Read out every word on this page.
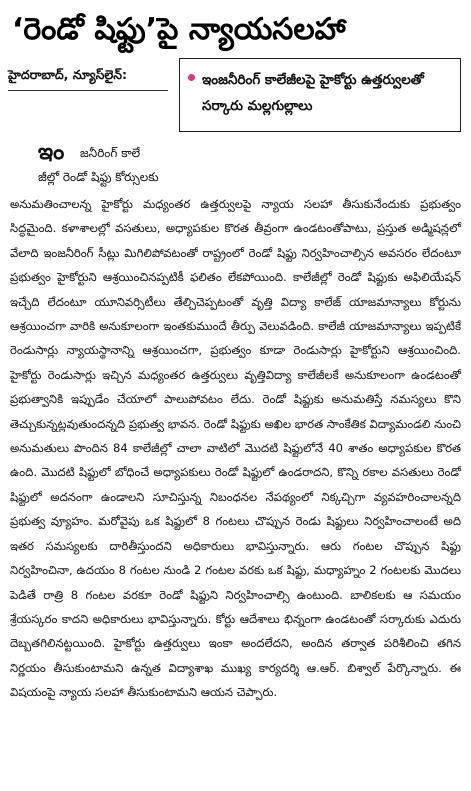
‘రెండో షిఫ్టు’పై న్యాయసలహా
హైదరాబాద్, న్యూస్‌లైన్:	ఇంజనీరింగ్ కాలేజీలపై హైకోర్టు ఉత్తర్వులతో సర్కారు మల్లగుల్లాలు
ఇం జనీరింగ్ కాలే
జీల్లో రెండో షిఫ్టు కోర్సులకు

అనుమతించాలన్న హైకోర్టు మధ్యంతర ఉత్తర్వులపై న్యాయ సలహా తీసుకునేందుకు ప్రభుత్వం సిద్ధమైంది. కళాశాలల్లో వసతులు, అధ్యాపకుల కొరత తీవ్రంగా ఉండటంతోపాటు, ప్రస్తుత అడ్మిషన్లలో వేలాది ఇంజనీరింగ్ సీట్లు మిగిలిపోవటంతో రాష్ట్రంలో రెండో షిఫ్టు నిర్వహించాల్సిన అవసరం లేదంటూ ప్రభుత్వం హైకోర్టుని ఆశ్రయించినప్పటికీ ఫలితం లేకపోయింది. కాలేజీల్లో రెండో షిఫ్టుకు అఫిలియేషన్ ఇచ్చేది లేదంటూ యూనివర్సిటీలు తేల్చిచెప్పటంతో వృత్తి విద్యా కాలేజ్ యాజమాన్యాలు కోర్టును ఆశ్రయించగా వారికి అనుకూలంగా ఇంతకుముందే తీర్పు వెలువడింది. కాలేజీ యాజమాన్యాలు ఇప్పటికే రెండుసార్లు న్యాయస్థానాన్ని ఆశ్రయించగా, ప్రభుత్వం కూడా రెండుసార్లు హైకోర్టుని ఆశ్రయించింది. హైకోర్టు రెండుసార్లు ఇచ్చిన మధ్యంతర ఉత్తర్వులు వృత్తివిద్యా కాలేజీలకే అనుకూలంగా ఉండటంతో ప్రభుత్వానికి ఇప్పుడేం చేయాలో పాలుపోవటం లేదు. రెండో షిఫ్టుకు అనుమతిస్తే నమస్యలు కొని తెచ్చుకున్నట్లవుతుందన్నది ప్రభుత్వ భావన. రెండో షిఫ్టుకు అఖిల భారత సాంకేతిక విద్యామండలి నుంచి అనుమతులు పొందిన 84 కాలేజీల్లో చాలా వాటిలో మొదటి షిఫ్టులోనే 40 శాతం అధ్యాపకుల కొరత ఉంది. మొదటి షిఫ్టులో బోధించే అధ్యాపకులు రెండో షిఫ్టులో ఉండరాదని, కొన్ని రకాల వసతులు రెండో షిఫ్టులో అదనంగా ఉండాలని సూచిస్తున్న నిబంధనల నేపథ్యంలో నిక్కచ్చిగా వ్యవహరించాలన్నది ప్రభుత్వ వ్యూహం. మరోవైపు ఒక షిఫ్టులో 8 గంటలు చొప్పున రెండు షిఫ్టులు నిర్వహించాలంటే అది ఇతర సమస్యలకు దారితీస్తుందని అధికారులు భావిస్తున్నారు. ఆరు గంటల చొప్పున షిఫ్టు నిర్వహించినా, ఉదయం 8 గంటల నుండి 2 గంటల వరకు ఒక షిఫ్టు, మధ్యాహ్నం 2 గంటలకు మొదలు పెడితే రాత్రి 8 గంటల వరకూ రెండో షిఫ్టుని నిర్వహించాల్సి ఉంటుంది. బాలికలకు ఆ సమయం శ్రేయస్కరం కాదని అధికారులు భావిస్తున్నారు. కోర్టు ఆదేశాలు భిన్నంగా ఉండటంతో సర్కారుకు ఎదురు దెబ్బతగిలినట్టయింది. హైకోర్టు ఉత్తర్వులు ఇంకా అందలేదని, అందిన తర్వాత పరిశీలించి తగిన నిర్ణయం తీసుకుంటామని ఉన్నత విద్యాశాఖ ముఖ్య కార్యదర్శి ఆ.ఆర్. బిశ్వాల్ పేర్కొన్నారు. ఈ విషయంపై న్యాయ సలహా తీసుకుంటామని ఆయన చెప్పారు.
